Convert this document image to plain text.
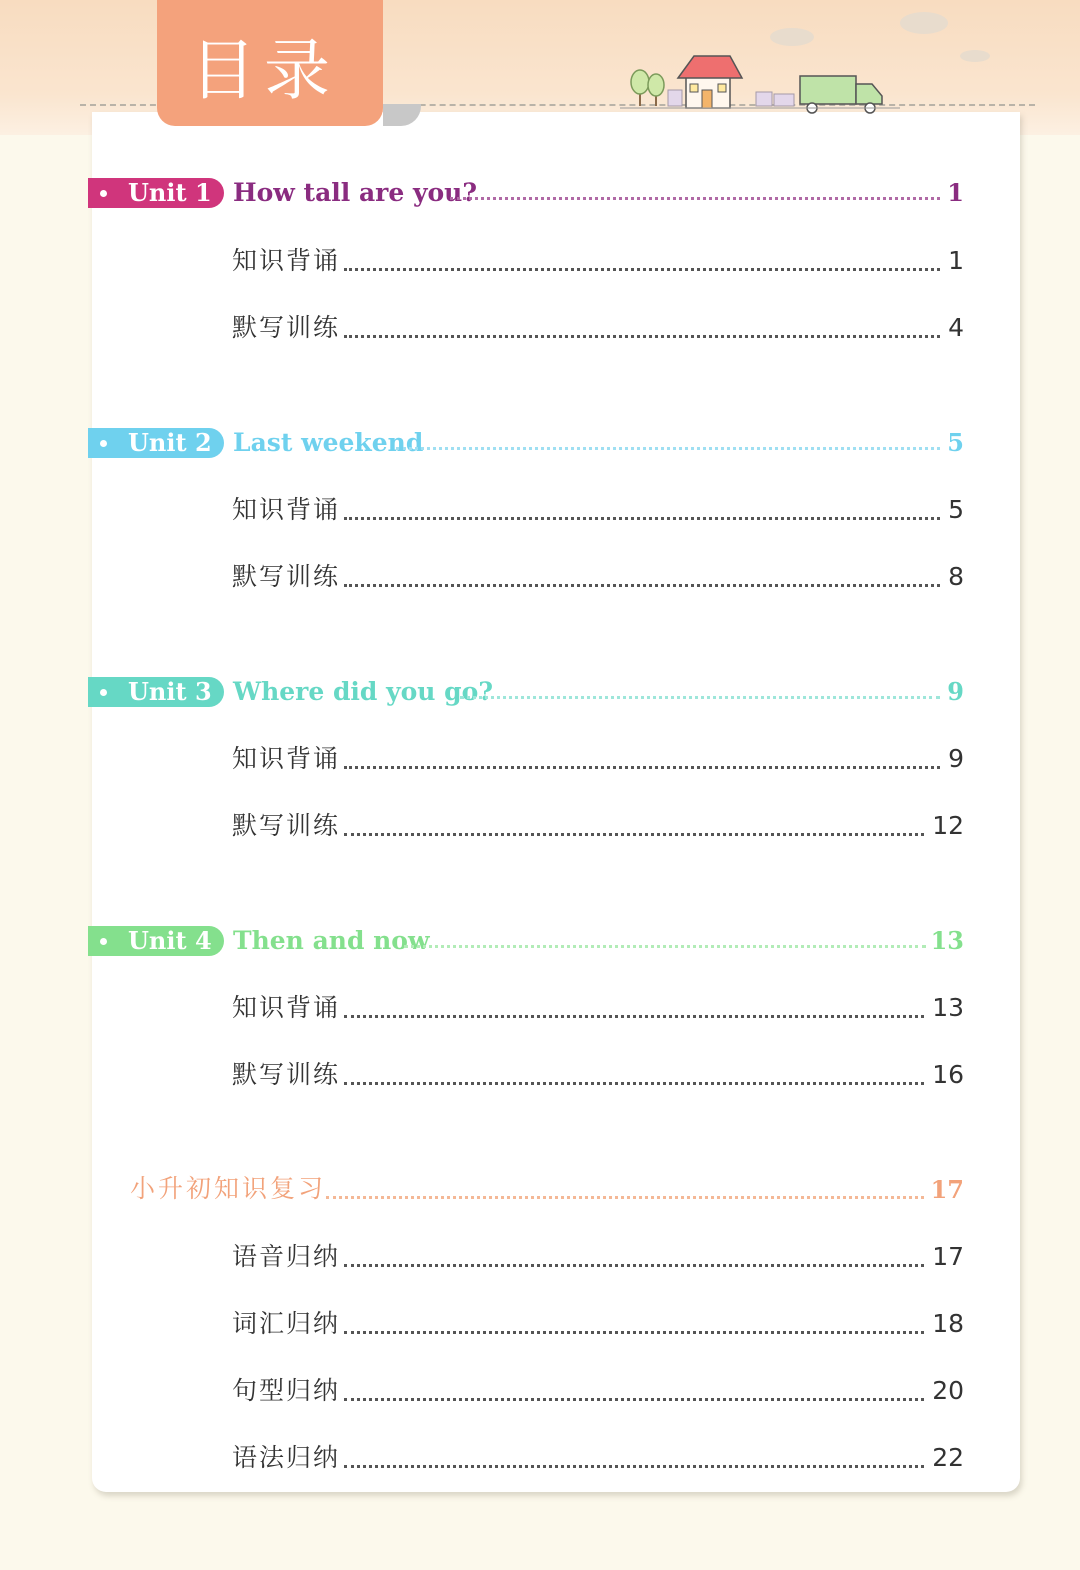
目录
Unit 1 How tall are you?	1
知识背诵	1
默写训练	4
Unit 2 Last weekend	5
知识背诵	5
默写训练	8
Unit 3 Where did you go?	9
知识背诵	9
默写训练	12
Unit 4 Then and now	13
知识背诵	13
默写训练	16
小升初知识复习	17
语音归纳	17
词汇归纳	18
句型归纳	20
语法归纳	22
